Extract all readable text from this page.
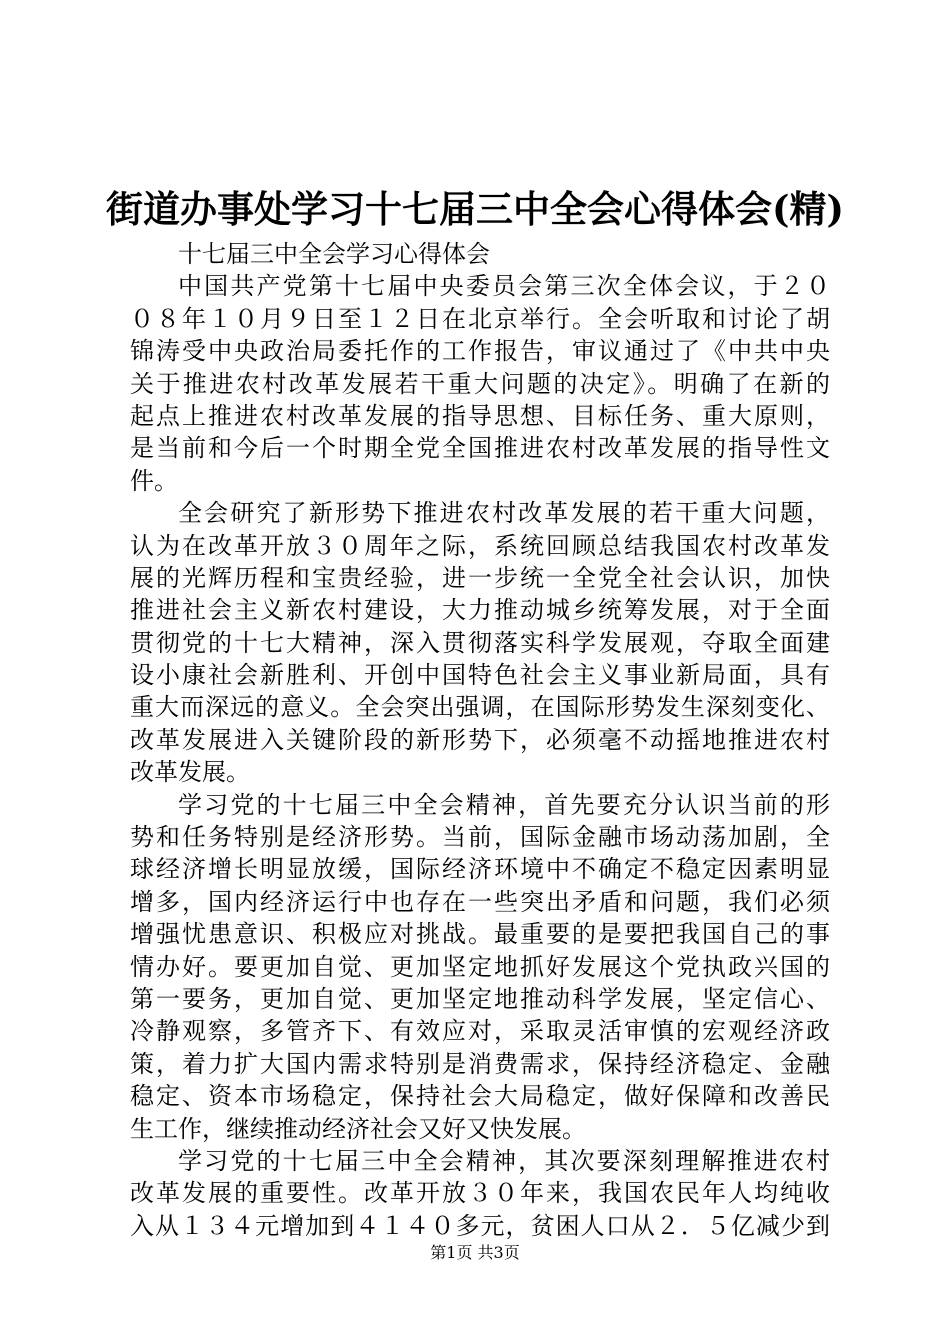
街道办事处学习十七届三中全会心得体会(精)
十七届三中全会学习心得体会
中国共产党第十七届中央委员会第三次全体会议，于２０
０８年１０月９日至１２日在北京举行。全会听取和讨论了胡
锦涛受中央政治局委托作的工作报告，审议通过了《中共中央
关于推进农村改革发展若干重大问题的决定》。明确了在新的
起点上推进农村改革发展的指导思想、目标任务、重大原则，
是当前和今后一个时期全党全国推进农村改革发展的指导性文
件。
全会研究了新形势下推进农村改革发展的若干重大问题，
认为在改革开放３０周年之际，系统回顾总结我国农村改革发
展的光辉历程和宝贵经验，进一步统一全党全社会认识，加快
推进社会主义新农村建设，大力推动城乡统筹发展，对于全面
贯彻党的十七大精神，深入贯彻落实科学发展观，夺取全面建
设小康社会新胜利、开创中国特色社会主义事业新局面，具有
重大而深远的意义。全会突出强调，在国际形势发生深刻变化、
改革发展进入关键阶段的新形势下，必须毫不动摇地推进农村
改革发展。
学习党的十七届三中全会精神，首先要充分认识当前的形
势和任务特别是经济形势。当前，国际金融市场动荡加剧，全
球经济增长明显放缓，国际经济环境中不确定不稳定因素明显
增多，国内经济运行中也存在一些突出矛盾和问题，我们必须
增强忧患意识、积极应对挑战。最重要的是要把我国自己的事
情办好。要更加自觉、更加坚定地抓好发展这个党执政兴国的
第一要务，更加自觉、更加坚定地推动科学发展，坚定信心、
冷静观察，多管齐下、有效应对，采取灵活审慎的宏观经济政
策，着力扩大国内需求特别是消费需求，保持经济稳定、金融
稳定、资本市场稳定，保持社会大局稳定，做好保障和改善民
生工作，继续推动经济社会又好又快发展。
学习党的十七届三中全会精神，其次要深刻理解推进农村
改革发展的重要性。改革开放３０年来，我国农民年人均纯收
入从１３４元增加到４１４０多元，贫困人口从２．５亿减少到
第1页 共3页
